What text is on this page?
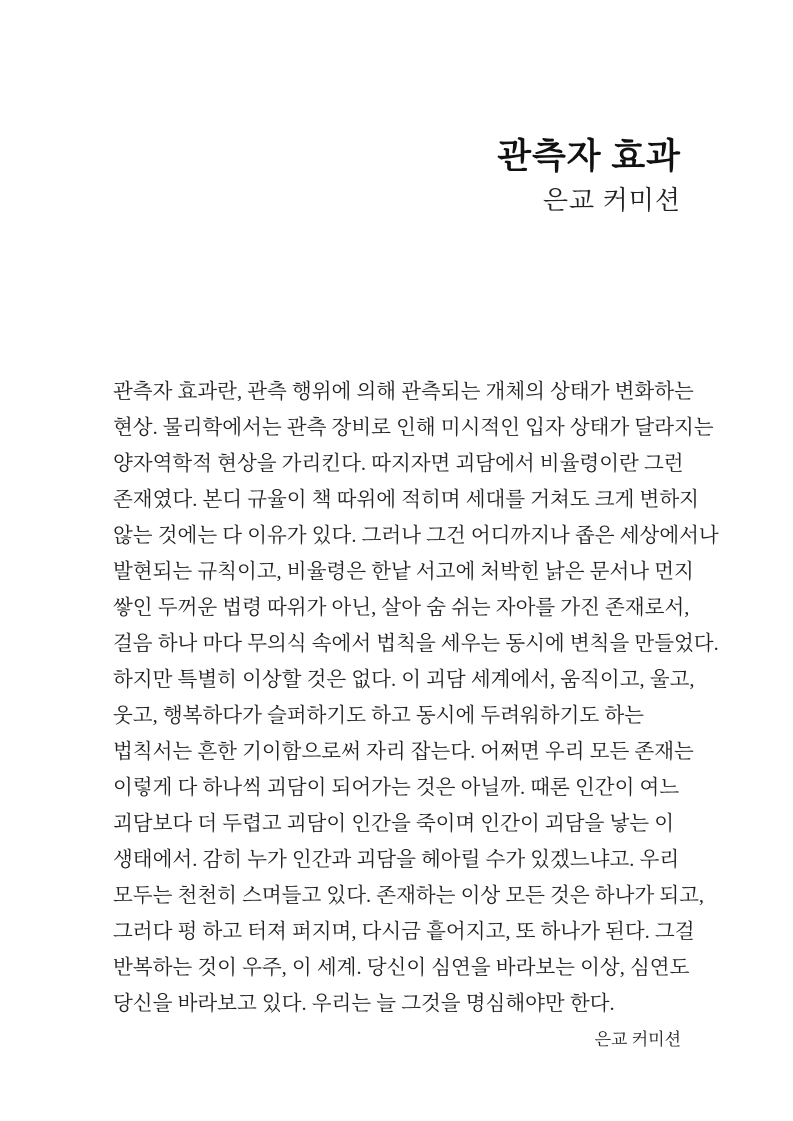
관측자 효과
은교 커미션
관측자 효과란, 관측 행위에 의해 관측되는 개체의 상태가 변화하는
현상. 물리학에서는 관측 장비로 인해 미시적인 입자 상태가 달라지는
양자역학적 현상을 가리킨다. 따지자면 괴담에서 비율령이란 그런
존재였다. 본디 규율이 책 따위에 적히며 세대를 거쳐도 크게 변하지
않는 것에는 다 이유가 있다. 그러나 그건 어디까지나 좁은 세상에서나
발현되는 규칙이고, 비율령은 한낱 서고에 처박힌 낡은 문서나 먼지
쌓인 두꺼운 법령 따위가 아닌, 살아 숨 쉬는 자아를 가진 존재로서,
걸음 하나 마다 무의식 속에서 법칙을 세우는 동시에 변칙을 만들었다.
하지만 특별히 이상할 것은 없다. 이 괴담 세계에서, 움직이고, 울고,
웃고, 행복하다가 슬퍼하기도 하고 동시에 두려워하기도 하는
법칙서는 흔한 기이함으로써 자리 잡는다. 어쩌면 우리 모든 존재는
이렇게 다 하나씩 괴담이 되어가는 것은 아닐까. 때론 인간이 여느
괴담보다 더 두렵고 괴담이 인간을 죽이며 인간이 괴담을 낳는 이
생태에서. 감히 누가 인간과 괴담을 헤아릴 수가 있겠느냐고. 우리
모두는 천천히 스며들고 있다. 존재하는 이상 모든 것은 하나가 되고,
그러다 펑 하고 터져 퍼지며, 다시금 흩어지고, 또 하나가 된다. 그걸
반복하는 것이 우주, 이 세계. 당신이 심연을 바라보는 이상, 심연도
당신을 바라보고 있다. 우리는 늘 그것을 명심해야만 한다.
은교 커미션
